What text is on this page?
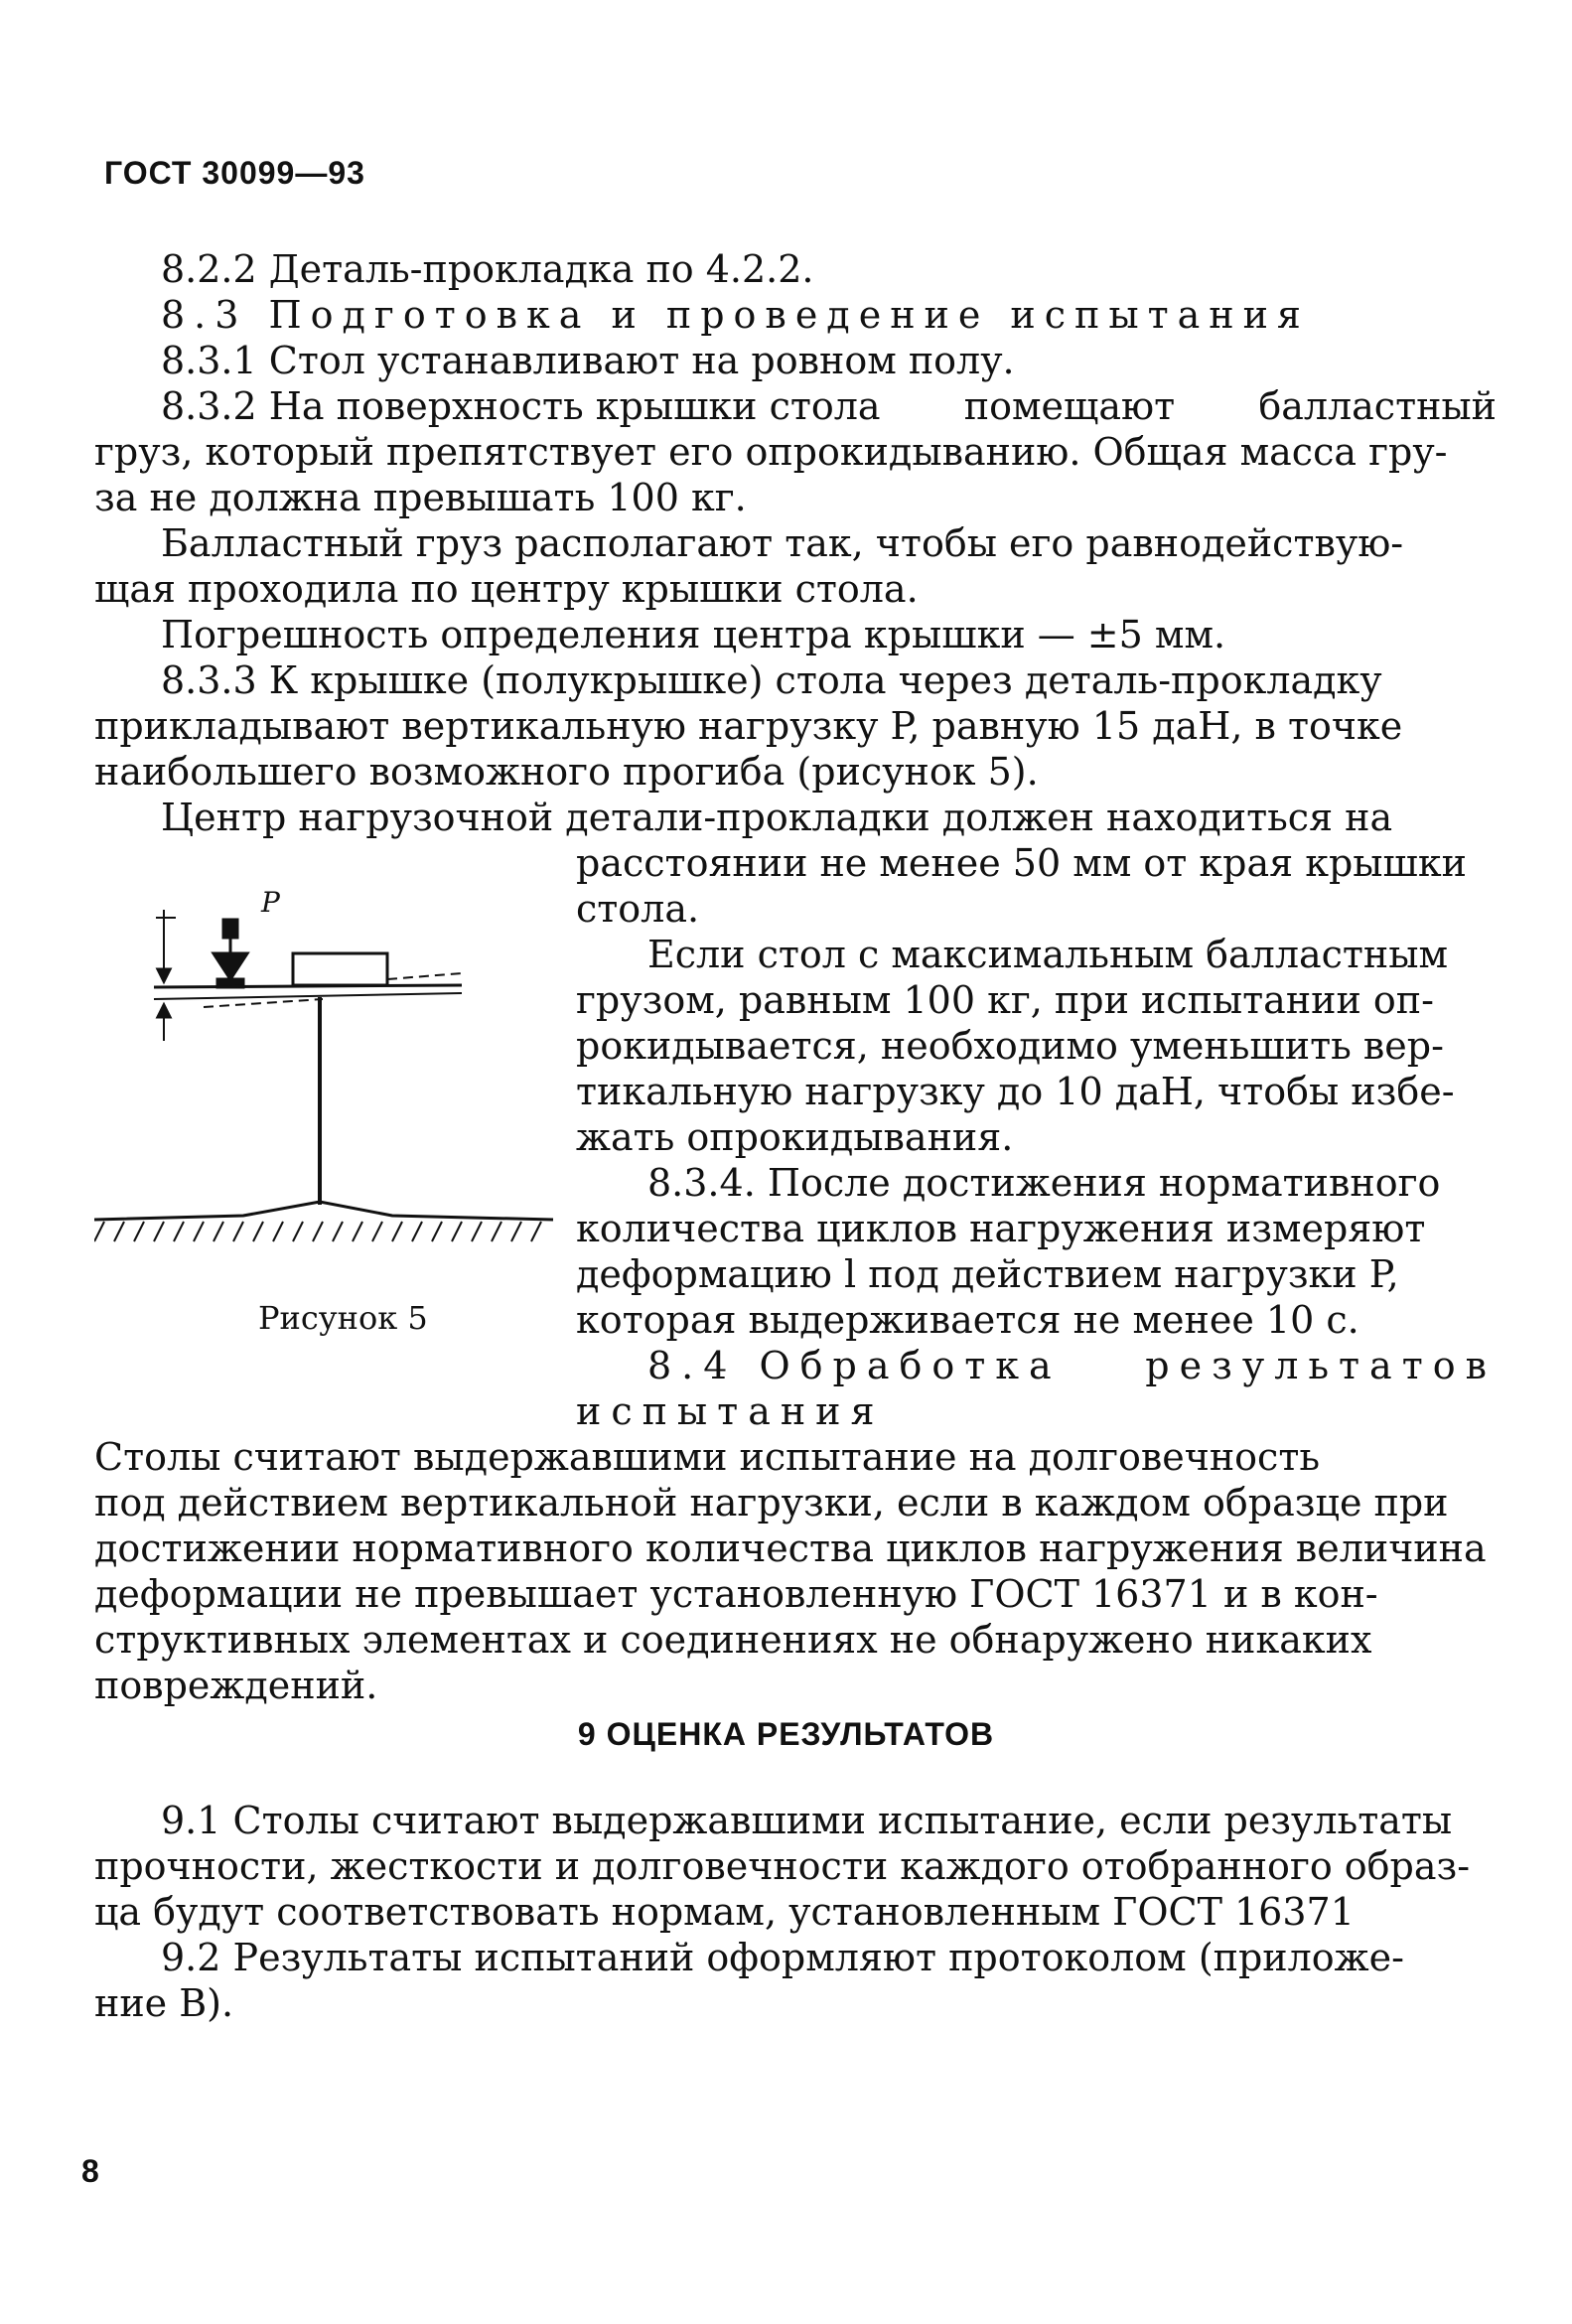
ГОСТ 30099—93
8.2.2 Деталь-прокладка по 4.2.2.
8.3 Подготовка и проведение испытания
8.3.1 Стол устанавливают на ровном полу.
8.3.2 На поверхность крышки стола помещают балластный
груз, который препятствует его опрокидыванию. Общая масса гру-
за не должна превышать 100 кг.
Балластный груз располагают так, чтобы его равнодействую-
щая проходила по центру крышки стола.
Погрешность определения центра крышки — ±5 мм.
8.3.3 К крышке (полукрышке) стола через деталь-прокладку
прикладывают вертикальную нагрузку P, равную 15 даН, в точке
наибольшего возможного прогиба (рисунок 5).
Центр нагрузочной детали-прокладки должен находиться на
расстоянии не менее 50 мм от края крышки
стола.
Если стол с максимальным балластным
грузом, равным 100 кг, при испытании оп-
рокидывается, необходимо уменьшить вер-
тикальную нагрузку до 10 даН, чтобы избе-
жать опрокидывания.
8.3.4. После достижения нормативного
количества циклов нагружения измеряют
деформацию l под действием нагрузки P,
которая выдерживается не менее 10 с.
8.4 Обработка результатов
испытания
Столы считают выдержавшими испытание на долговечность
под действием вертикальной нагрузки, если в каждом образце при
достижении нормативного количества циклов нагружения величина
деформации не превышает установленную ГОСТ 16371 и в кон-
структивных элементах и соединениях не обнаружено никаких
повреждений.
9 ОЦЕНКА РЕЗУЛЬТАТОВ
9.1 Столы считают выдержавшими испытание, если результаты
прочности, жесткости и долговечности каждого отобранного образ-
ца будут соответствовать нормам, установленным ГОСТ 16371
9.2 Результаты испытаний оформляют протоколом (приложе-
ние В).
P
Рисунок 5
8
